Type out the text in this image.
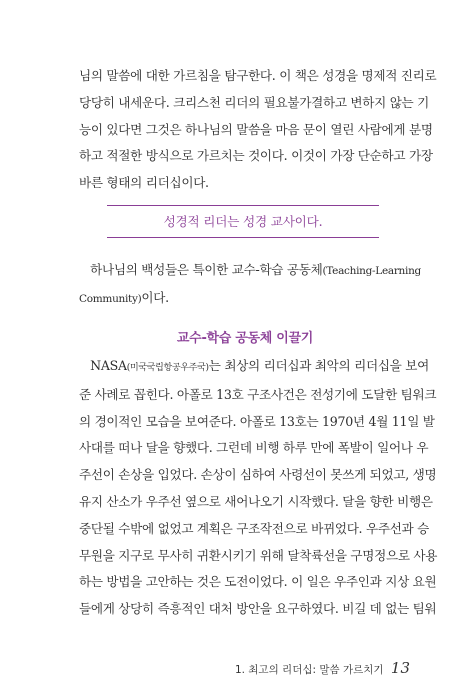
님의 말씀에 대한 가르침을 탐구한다. 이 책은 성경을 명제적 진리로
당당히 내세운다. 크리스천 리더의 필요불가결하고 변하지 않는 기
능이 있다면 그것은 하나님의 말씀을 마음 문이 열린 사람에게 분명
하고 적절한 방식으로 가르치는 것이다. 이것이 가장 단순하고 가장
바른 형태의 리더십이다.
성경적 리더는 성경 교사이다.
하나님의 백성들은 특이한 교수-학습 공동체(Teaching-Learning
Community)이다.
교수-학습 공동체 이끌기
NASA(미국국립항공우주국)는 최상의 리더십과 최악의 리더십을 보여
준 사례로 꼽힌다. 아폴로 13호 구조사건은 전성기에 도달한 팀워크
의 경이적인 모습을 보여준다. 아폴로 13호는 1970년 4월 11일 발
사대를 떠나 달을 향했다. 그런데 비행 하루 만에 폭발이 일어나 우
주선이 손상을 입었다. 손상이 심하여 사령선이 못쓰게 되었고, 생명
유지 산소가 우주선 옆으로 새어나오기 시작했다. 달을 향한 비행은
중단될 수밖에 없었고 계획은 구조작전으로 바뀌었다. 우주선과 승
무원을 지구로 무사히 귀환시키기 위해 달착륙선을 구명정으로 사용
하는 방법을 고안하는 것은 도전이었다. 이 일은 우주인과 지상 요원
들에게 상당히 즉흥적인 대처 방안을 요구하였다. 비길 데 없는 팀워
1. 최고의 리더십: 말씀 가르치기 13
